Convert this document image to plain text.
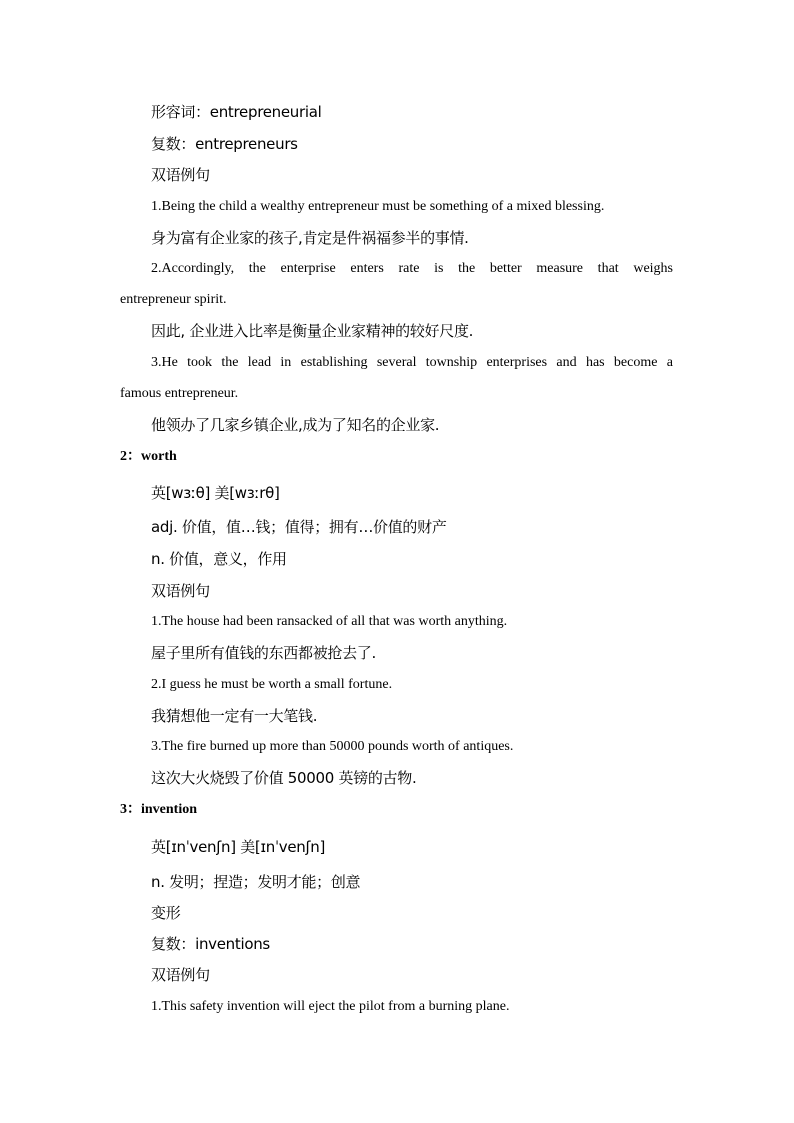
形容词：entrepreneurial
复数：entrepreneurs
双语例句
1.Being the child a wealthy entrepreneur must be something of a mixed blessing.
身为富有企业家的孩子,肯定是件祸福参半的事情.
2.Accordingly, the enterprise enters rate is the better measure that weighs
entrepreneur spirit.
因此, 企业进入比率是衡量企业家精神的较好尺度.
3.He took the lead in establishing several township enterprises and has become a
famous entrepreneur.
他领办了几家乡镇企业,成为了知名的企业家.
2：worth
英[wɜːθ] 美[wɜːrθ]
adj. 价值，值…钱；值得；拥有…价值的财产
n. 价值，意义，作用
双语例句
1.The house had been ransacked of all that was worth anything.
屋子里所有值钱的东西都被抢去了.
2.I guess he must be worth a small fortune.
我猜想他一定有一大笔钱.
3.The fire burned up more than 50000 pounds worth of antiques.
这次大火烧毁了价值 50000 英镑的古物.
3：invention
英[ɪnˈvenʃn] 美[ɪnˈvenʃn]
n. 发明；捏造；发明才能；创意
变形
复数：inventions
双语例句
1.This safety invention will eject the pilot from a burning plane.
